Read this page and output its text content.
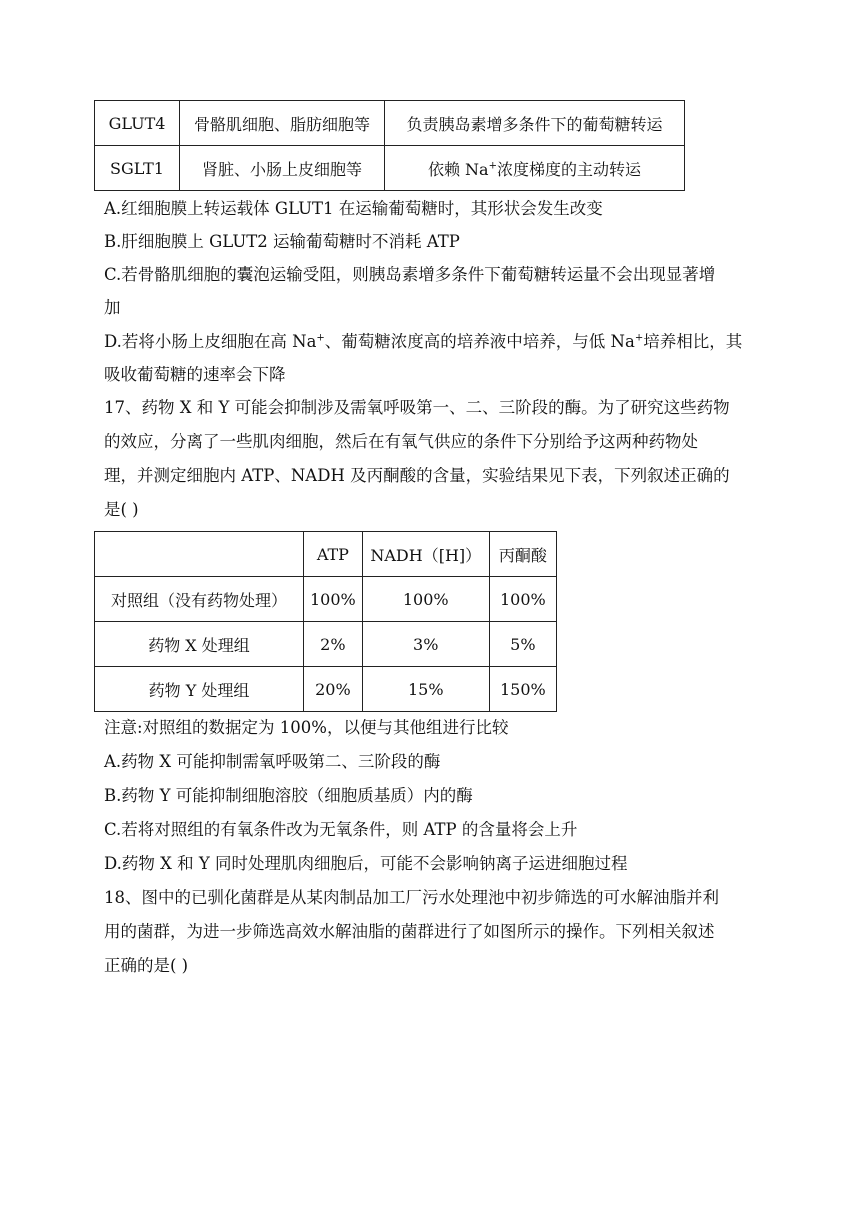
GLUT4	骨骼肌细胞、脂肪细胞等	负责胰岛素增多条件下的葡萄糖转运
SGLT1	肾脏、小肠上皮细胞等	依赖 Na+浓度梯度的主动转运
A.红细胞膜上转运载体 GLUT1 在运输葡萄糖时，其形状会发生改变
B.肝细胞膜上 GLUT2 运输葡萄糖时不消耗 ATP
C.若骨骼肌细胞的囊泡运输受阻，则胰岛素增多条件下葡萄糖转运量不会出现显著增
加
D.若将小肠上皮细胞在高 Na+、葡萄糖浓度高的培养液中培养，与低 Na+培养相比，其
吸收葡萄糖的速率会下降
17、药物 X 和 Y 可能会抑制涉及需氧呼吸第一、二、三阶段的酶。为了研究这些药物
的效应，分离了一些肌肉细胞，然后在有氧气供应的条件下分别给予这两种药物处
理，并测定细胞内 ATP、NADH 及丙酮酸的含量，实验结果见下表，下列叙述正确的
是( )
	ATP	NADH（[H]）	丙酮酸
对照组（没有药物处理）	100%	100%	100%
药物 X 处理组	2%	3%	5%
药物 Y 处理组	20%	15%	150%
注意:对照组的数据定为 100%，以便与其他组进行比较
A.药物 X 可能抑制需氧呼吸第二、三阶段的酶
B.药物 Y 可能抑制细胞溶胶（细胞质基质）内的酶
C.若将对照组的有氧条件改为无氧条件，则 ATP 的含量将会上升
D.药物 X 和 Y 同时处理肌肉细胞后，可能不会影响钠离子运进细胞过程
18、图中的已驯化菌群是从某肉制品加工厂污水处理池中初步筛选的可水解油脂并利
用的菌群，为进一步筛选高效水解油脂的菌群进行了如图所示的操作。下列相关叙述
正确的是( )
